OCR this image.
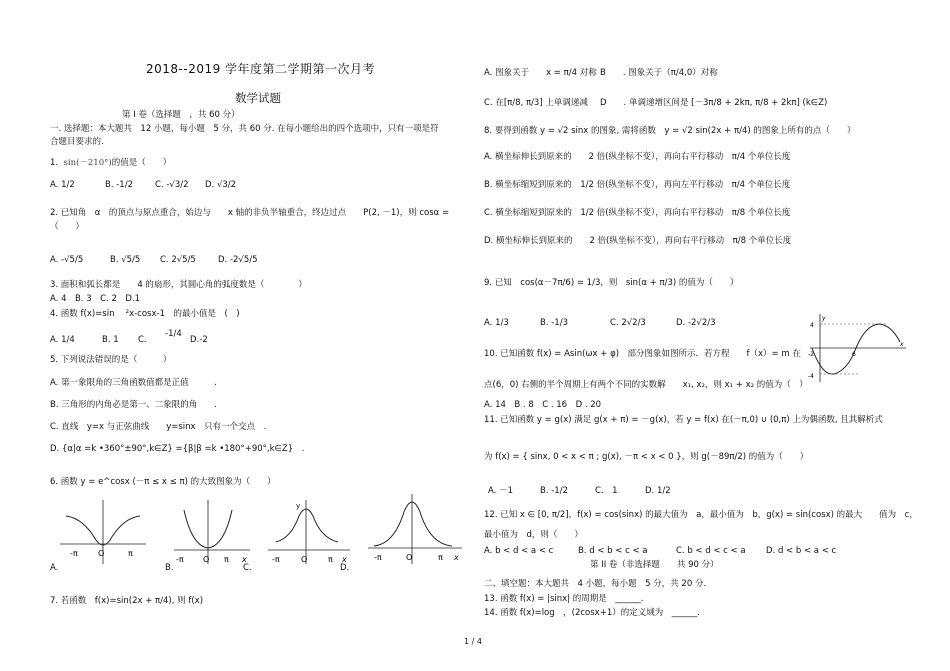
2018--2019 学年度第二学期第一次月考
数学试题
第 I 卷（选择题　，共 60 分）
一. 选择题：本大题共　12 小题，每小题　5 分，共 60 分. 在每小题给出的四个选项中，只有一项是符
合题目要求的.
1. sin(－210°)的值是（　　）
A. 1/2	B. -1/2	C. -√3/2 D. √3/2
2. 已知角　α　的顶点与原点重合，始边与　　x 轴的非负半轴重合，终边过点　　P(2, －1)，则 cosα =
（　　）
A. -√5/5	B. √5/5 C. 2√5/5	D. -2√5/5
3. 面积和弧长都是　　4 的扇形，其圆心角的弧度数是（　　　　）
A. 4　B. 3　C. 2　D.1
4. 函数 f(x)=sin　 ²x-cosx-1　的最小值是　(　)
A. 1/4	B. 1 C.
-1/4
D.-2
5. 下列说法错误的是（　　　）
A. 第一象限角的三角函数值都是正值　　　.
B. 三角形的内角必是第一、二象限的角　　.
C. 直线　y=x 与正弦曲线　　y=sinx　只有一个交点　.
D. {α|α =k •360°±90°,k∈Z} ={β|β =k •180°+90°,k∈Z}　.
6. 函数 y = e^cosx (－π ≤ x ≤ π) 的大致图象为（　　）
-π	O	π
A.
-π O π x
C.
y
-π	O	π x
D.
-π	O	π x
B.
7. 若函数　f(x)=sin(2x + π/4), 则 f(x)
A. 图象关于　　x = π/4 对称 B　　. 图象关于（π/4,0）对称
C. 在[π/8, π/3] 上单调递减 D　　. 单调递增区间是 [－3π/8 + 2kπ, π/8 + 2kπ] (k∈Z)
8. 要得到函数 y = √2 sinx 的图象, 需将函数　y = √2 sin(2x + π/4) 的图象上所有的点（　　）
A. 横坐标伸长到原来的　　2 倍(纵坐标不变），再向右平行移动　π/4 个单位长度
B. 横坐标缩短到原来的　1/2 倍(纵坐标不变），再向左平行移动　π/4 个单位长度
C. 横坐标缩短到原来的　1/2 倍(纵坐标不变），再向右平行移动　π/8 个单位长度
D. 横坐标伸长到原来的　　2 倍(纵坐标不变），再向右平行移动　π/8 个单位长度
9. 已知　cos(α－7π/6) = 1/3，则　sin(α + π/3) 的值为（　　）
A. 1/3	B. -1/3	C. 2√2/3	D. -2√2/3	4
-2	6
-4
x
y
10. 已知函数 f(x) = Asin(ωx + φ)　部分图象如图所示．若方程　　f（x）= m 在
点(6，0) 右侧的半个周期上有两个不同的实数解　　x₁, x₂，则 x₁ + x₂ 的值为（　）
A. 14　B . 8　C . 16　D . 20
11. 已知函数 y = g(x) 满足 g(x + π) = －g(x)，若 y = f(x) 在(－π,0) ∪ (0,π) 上为偶函数, 且其解析式
为 f(x) = { sinx, 0 < x < π ; g(x), －π < x < 0 }，则 g(－89π/2) 的值为（　　）
A. －1	B. -1/2	C.　1	D. 1/2
12. 已知 x ∈ [0, π/2]，f(x) = cos(sinx) 的最大值为　a，最小值为　b，g(x) = sin(cosx) 的最大　　值为　c，
最小值为　d，则（　　）
A. b < d < a < c	B. d < b < c < a	C. b < d < c < a D. d < b < a < c
第 II 卷（非选择题　　共 90 分）
二、填空题：本大题共　4 小题，每小题　5 分，共 20 分.
13. 函数 f(x) = |sinx| 的周期是　______.
14. 函数 f(x)=log　，(2cosx+1）的定义域为　______.
1 / 4
